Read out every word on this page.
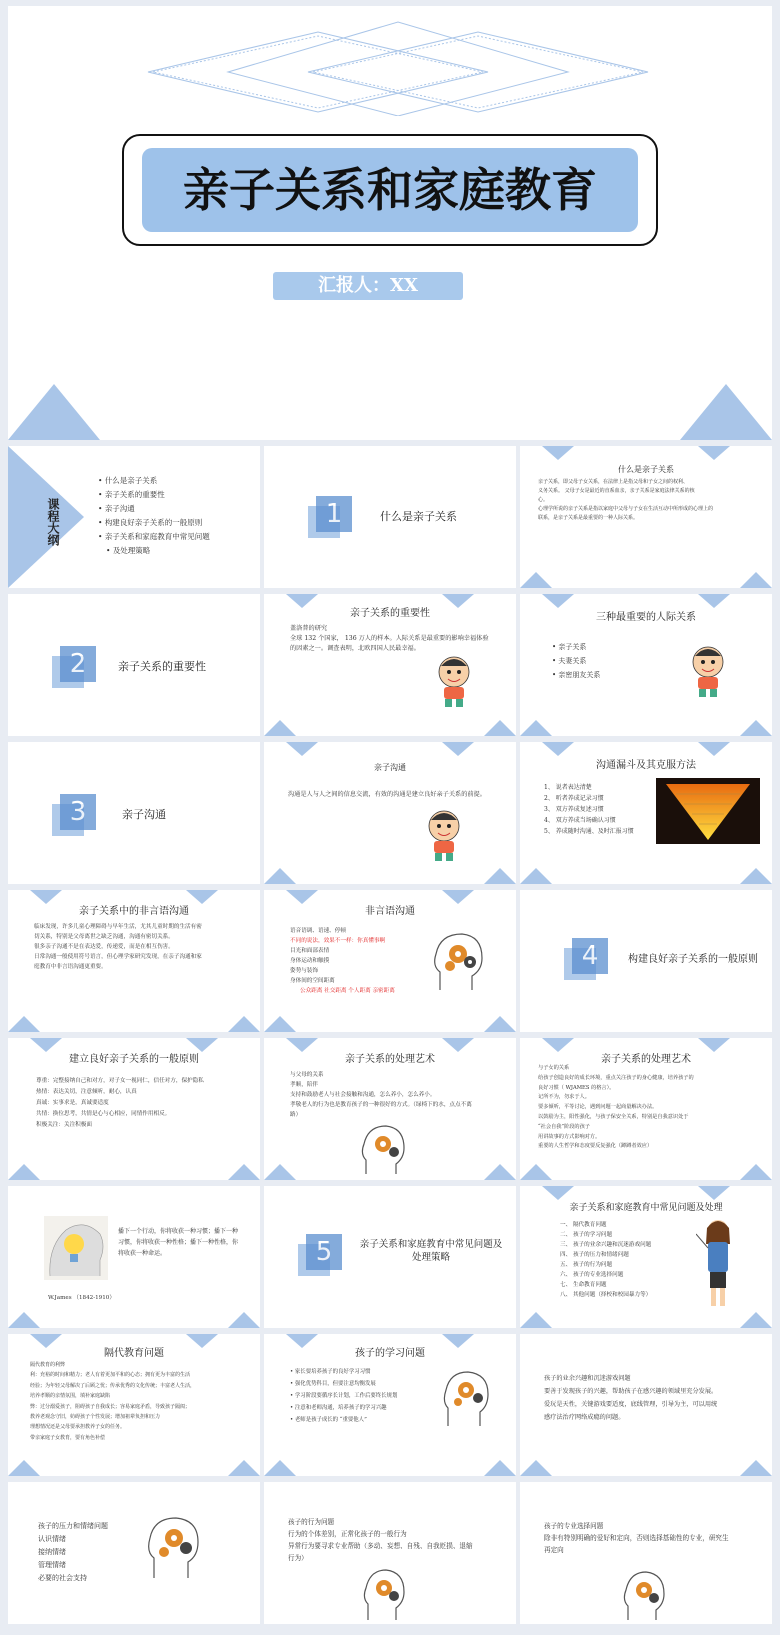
亲子关系和家庭教育
汇报人：XX
课程大纲
• 什么是亲子关系
• 亲子关系的重要性
• 亲子沟通
• 构建良好亲子关系的一般原则
• 亲子关系和家庭教育中常见问题
• 及处理策略
1	什么是亲子关系
什么是亲子关系
亲子关系，即父母子女关系，在法律上是指父母和子女之间的权利、
义务关系。 父母子女是最近的直系血亲，亲子关系是家庭法律关系的核
心。
心理学所说的亲子关系是指以家庭中父母与子女在生活互动中所形成的心理上的
联系，是亲子关系是最重要的一种人际关系。
2	亲子关系的重要性
亲子关系的重要性
盖洛普的研究
全球 132 个国家， 136 万人的样本。人际关系是最重要的影响幸福体验
的因素之一。调查表明，北欧四国人民最幸福。
三种最重要的人际关系
• 亲子关系
• 夫妻关系
• 亲密朋友关系
3	亲子沟通
亲子沟通
沟通是人与人之间的信息交流，有效的沟通是建立良好亲子关系的前提。
沟通漏斗及其克服方法
1、 说者表达清楚
2、 听者养成记录习惯
3、 双方养成复述习惯
4、 双方养成当场确认习惯
5、 养成随时沟通、及时汇报习惯
亲子关系中的非言语沟通
临床发现，许多儿童心理障碍与早年生活，尤其儿童时期的生活有密
切关系，特别是父母离世之缺乏沟通，沟通有密切关系。
很多亲子沟通不是在表达爱，传递爱，而是在相互伤害。
日常沟通一般使用符号语言，但心理学家研究发现，在亲子沟通和家
庭教育中非言语沟通更重要。
非言语沟通
语音语调、语速、停顿
不同的说法，效果不一样：你真懂事啊
目光和面部表情
身体运动和触摸
姿势与装饰
身体间的空间距离
公众距离 社交距离 个人距离 亲密距离
4	构建良好亲子关系的一般原则
建立良好亲子关系的一般原则
尊重：完整接纳自己和对方，对子女一视同仁，信任对方，保护隐私
热情：表达关切，注意倾听，耐心，认真
真诚：实事求是，真诚要适度
共情：换位思考，共情是心与心相应，同情作用相反。
积极关注：关注积极面
亲子关系的处理艺术
与父母的关系
孝顺，陪伴
支持和鼓励老人与社会接触和沟通，怎么养小，怎么养小。
孝敬老人的行为也是教育孩子的一种很好的方式。（绿椅下的水，点点不离
路）
亲子关系的处理艺术
与子女的关系
给孩子创造良好的成长环境，重点关注孩子的身心健康，培养孩子的
良好习惯（ WJAMES 的格言）。
记所不为，勿求于人。
要多倾听，平等讨论，遇到问题一起商量解决办法。
以鼓励为主，阳性强化，与孩子保安全关系，特别是自我意识处于
“社会自我”阶段的孩子
用讲故事的方式影响对方。
重要的人生哲学和态度要反复强化（蹲蹲者效应）
播下一个行动，你将收获一种习惯；播下一种习惯，你将收获一种性格；播下一种性格，你将收获一种命运。
W.James （1842-1910）
5	亲子关系和家庭教育中常见问题及处理策略
亲子关系和家庭教育中常见问题及处理
一、 隔代教育问题
二、 孩子的学习问题
三、 孩子的业余兴趣和沉迷游戏问题
四、 孩子的压力和情绪问题
五、 孩子的行为问题
六、 孩子的专业选择问题
七、 生命教育问题
八、 其他问题（择校和校园暴力等）
隔代教育问题
隔代教育的利弊
利：充裕的时间和精力；老人有着更加平和的心态；拥有更为丰富的生活
经验；为年轻父母解决了后顾之忧；传承优秀的文化传统；丰富老人生活，
培养孝顺的亲情氛围，填补家庭缺陷
弊：过分溺爱孩子，阻碍孩子自我成长；容易家庭矛盾，导致孩子隔阂；
教养老观念守旧，妨碍孩子个性发展；增加祖辈负担和压力
理想情况还是父母要承担教养子女的任务。
带亲家庭子女教育，要有角色补偿
孩子的学习问题
• 家长要培养孩子的良好学习习惯
• 强化优势科目，但要注意均衡发展
• 学习阶段要循序长计划，工作后要终长规划
• 注意和老师沟通，培养孩子的学习兴趣
• 老师是孩子成长的 “重要他人”
孩子的业余兴趣和沉迷游戏问题
要善于发现孩子的兴趣，帮助孩子在感兴趣的领域里充分发展。
爱玩是天性，关键游戏要适度，底线管理，引导为主，可以用统
感疗法治疗网络成瘾的问题。
孩子的压力和情绪问题
认识情绪
接纳情绪
管理情绪
必要的社会支持
孩子的行为问题
行为的个体差别，正常化孩子的一般行为
异常行为要寻求专业帮助（多动、妄想、自残、自我贬损、退缩
行为）
孩子的专业选择问题
除非有特别明确的爱好和定向，否则选择基础性的专业，研究生
再定向
